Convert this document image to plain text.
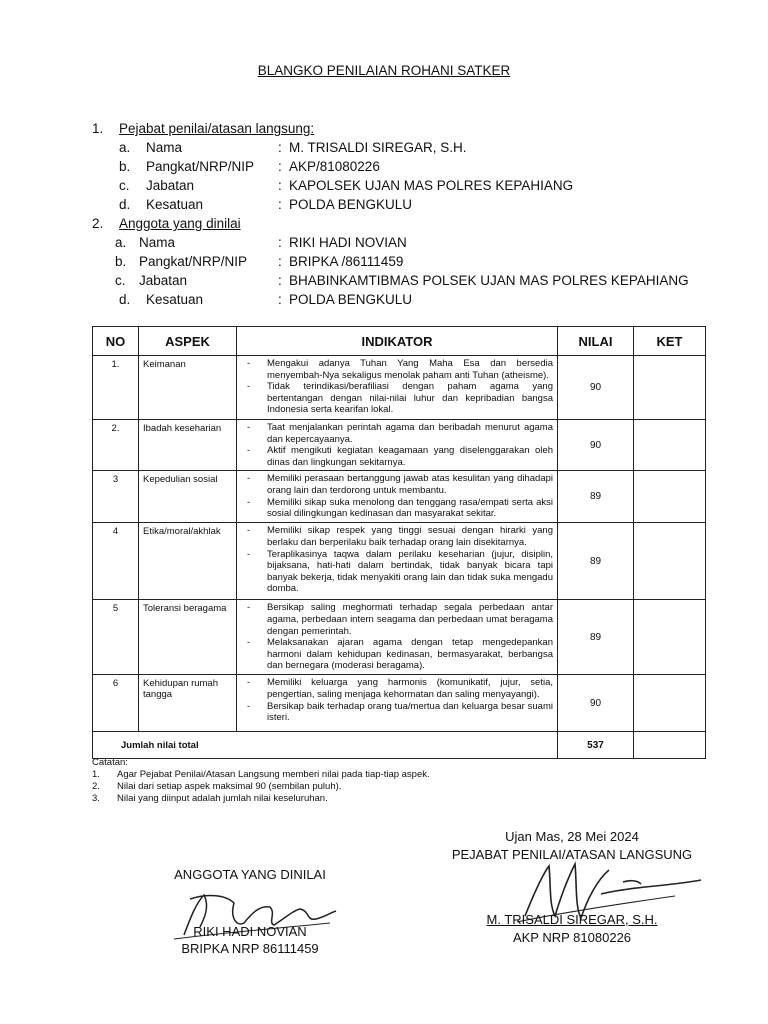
BLANGKO PENILAIAN ROHANI SATKER
1. Pejabat penilai/atasan langsung:
a. Nama	: M. TRISALDI SIREGAR, S.H.
b. Pangkat/NRP/NIP : AKP/81080226
c. Jabatan	: KAPOLSEK UJAN MAS POLRES KEPAHIANG
d. Kesatuan	: POLDA BENGKULU
2. Anggota yang dinilai
a. Nama	: RIKI HADI NOVIAN
b. Pangkat/NRP/NIP : BRIPKA /86111459
c. Jabatan	: BHABINKAMTIBMAS POLSEK UJAN MAS POLRES KEPAHIANG
d. Kesatuan	: POLDA BENGKULU
NO	ASPEK	INDIKATOR	NILAI	KET
1.	Keimanan	- Mengakui adanya Tuhan Yang Maha Esa dan bersedia menyembah-Nya sekaligus menolak paham anti Tuhan (atheisme).
- Tidak terindikasi/berafiliasi dengan paham agama yang bertentangan dengan nilai-nilai luhur dan kepribadian bangsa Indonesia serta kearifan lokal.	90	
2.	Ibadah keseharian	- Taat menjalankan perintah agama dan beribadah menurut agama dan kepercayaanya.
- Aktif mengikuti kegiatan keagamaan yang diselenggarakan oleh dinas dan lingkungan sekitarnya.	90	
3	Kepedulian sosial	- Memiliki perasaan bertanggung jawab atas kesulitan yang dihadapi orang lain dan terdorong untuk membantu.
- Memiliki sikap suka menolong dan tenggang rasa/empati serta aksi sosial dilingkungan kedinasan dan masyarakat sekitar.	89	
4	Etika/moral/akhlak	- Memiliki sikap respek yang tinggi sesuai dengan hirarki yang berlaku dan berperilaku baik terhadap orang lain disekitarnya.
- Teraplikasinya taqwa dalam perilaku keseharian (jujur, disiplin, bijaksana, hati-hati dalam bertindak, tidak banyak bicara tapi banyak bekerja, tidak menyakiti orang lain dan tidak suka mengadu domba.	89	
5	Toleransi beragama	- Bersikap saling meghormati terhadap segala perbedaan antar agama, perbedaan intern seagama dan perbedaan umat beragama dengan pemerintah.
- Melaksanakan ajaran agama dengan tetap mengedepankan harmoni dalam kehidupan kedinasan, bermasyarakat, berbangsa dan bernegara (moderasi beragama).	89	
6	Kehidupan rumah tangga	- Memiliki keluarga yang harmonis (komunikatif, jujur, setia, pengertian, saling menjaga kehormatan dan saling menyayangi).
- Bersikap baik terhadap orang tua/mertua dan keluarga besar suami isteri.	90	
Jumlah nilai total			537	
Catatan:
1. Agar Pejabat Penilai/Atasan Langsung memberi nilai pada tiap-tiap aspek.
2. Nilai dari setiap aspek maksimal 90 (sembilan puluh).
3. Nilai yang diinput adalah jumlah nilai keseluruhan.
Ujan Mas, 28 Mei 2024
PEJABAT PENILAI/ATASAN LANGSUNG
M. TRISALDI SIREGAR, S.H.
AKP NRP 81080226
ANGGOTA YANG DINILAI
RIKI HADI NOVIAN
BRIPKA NRP 86111459
